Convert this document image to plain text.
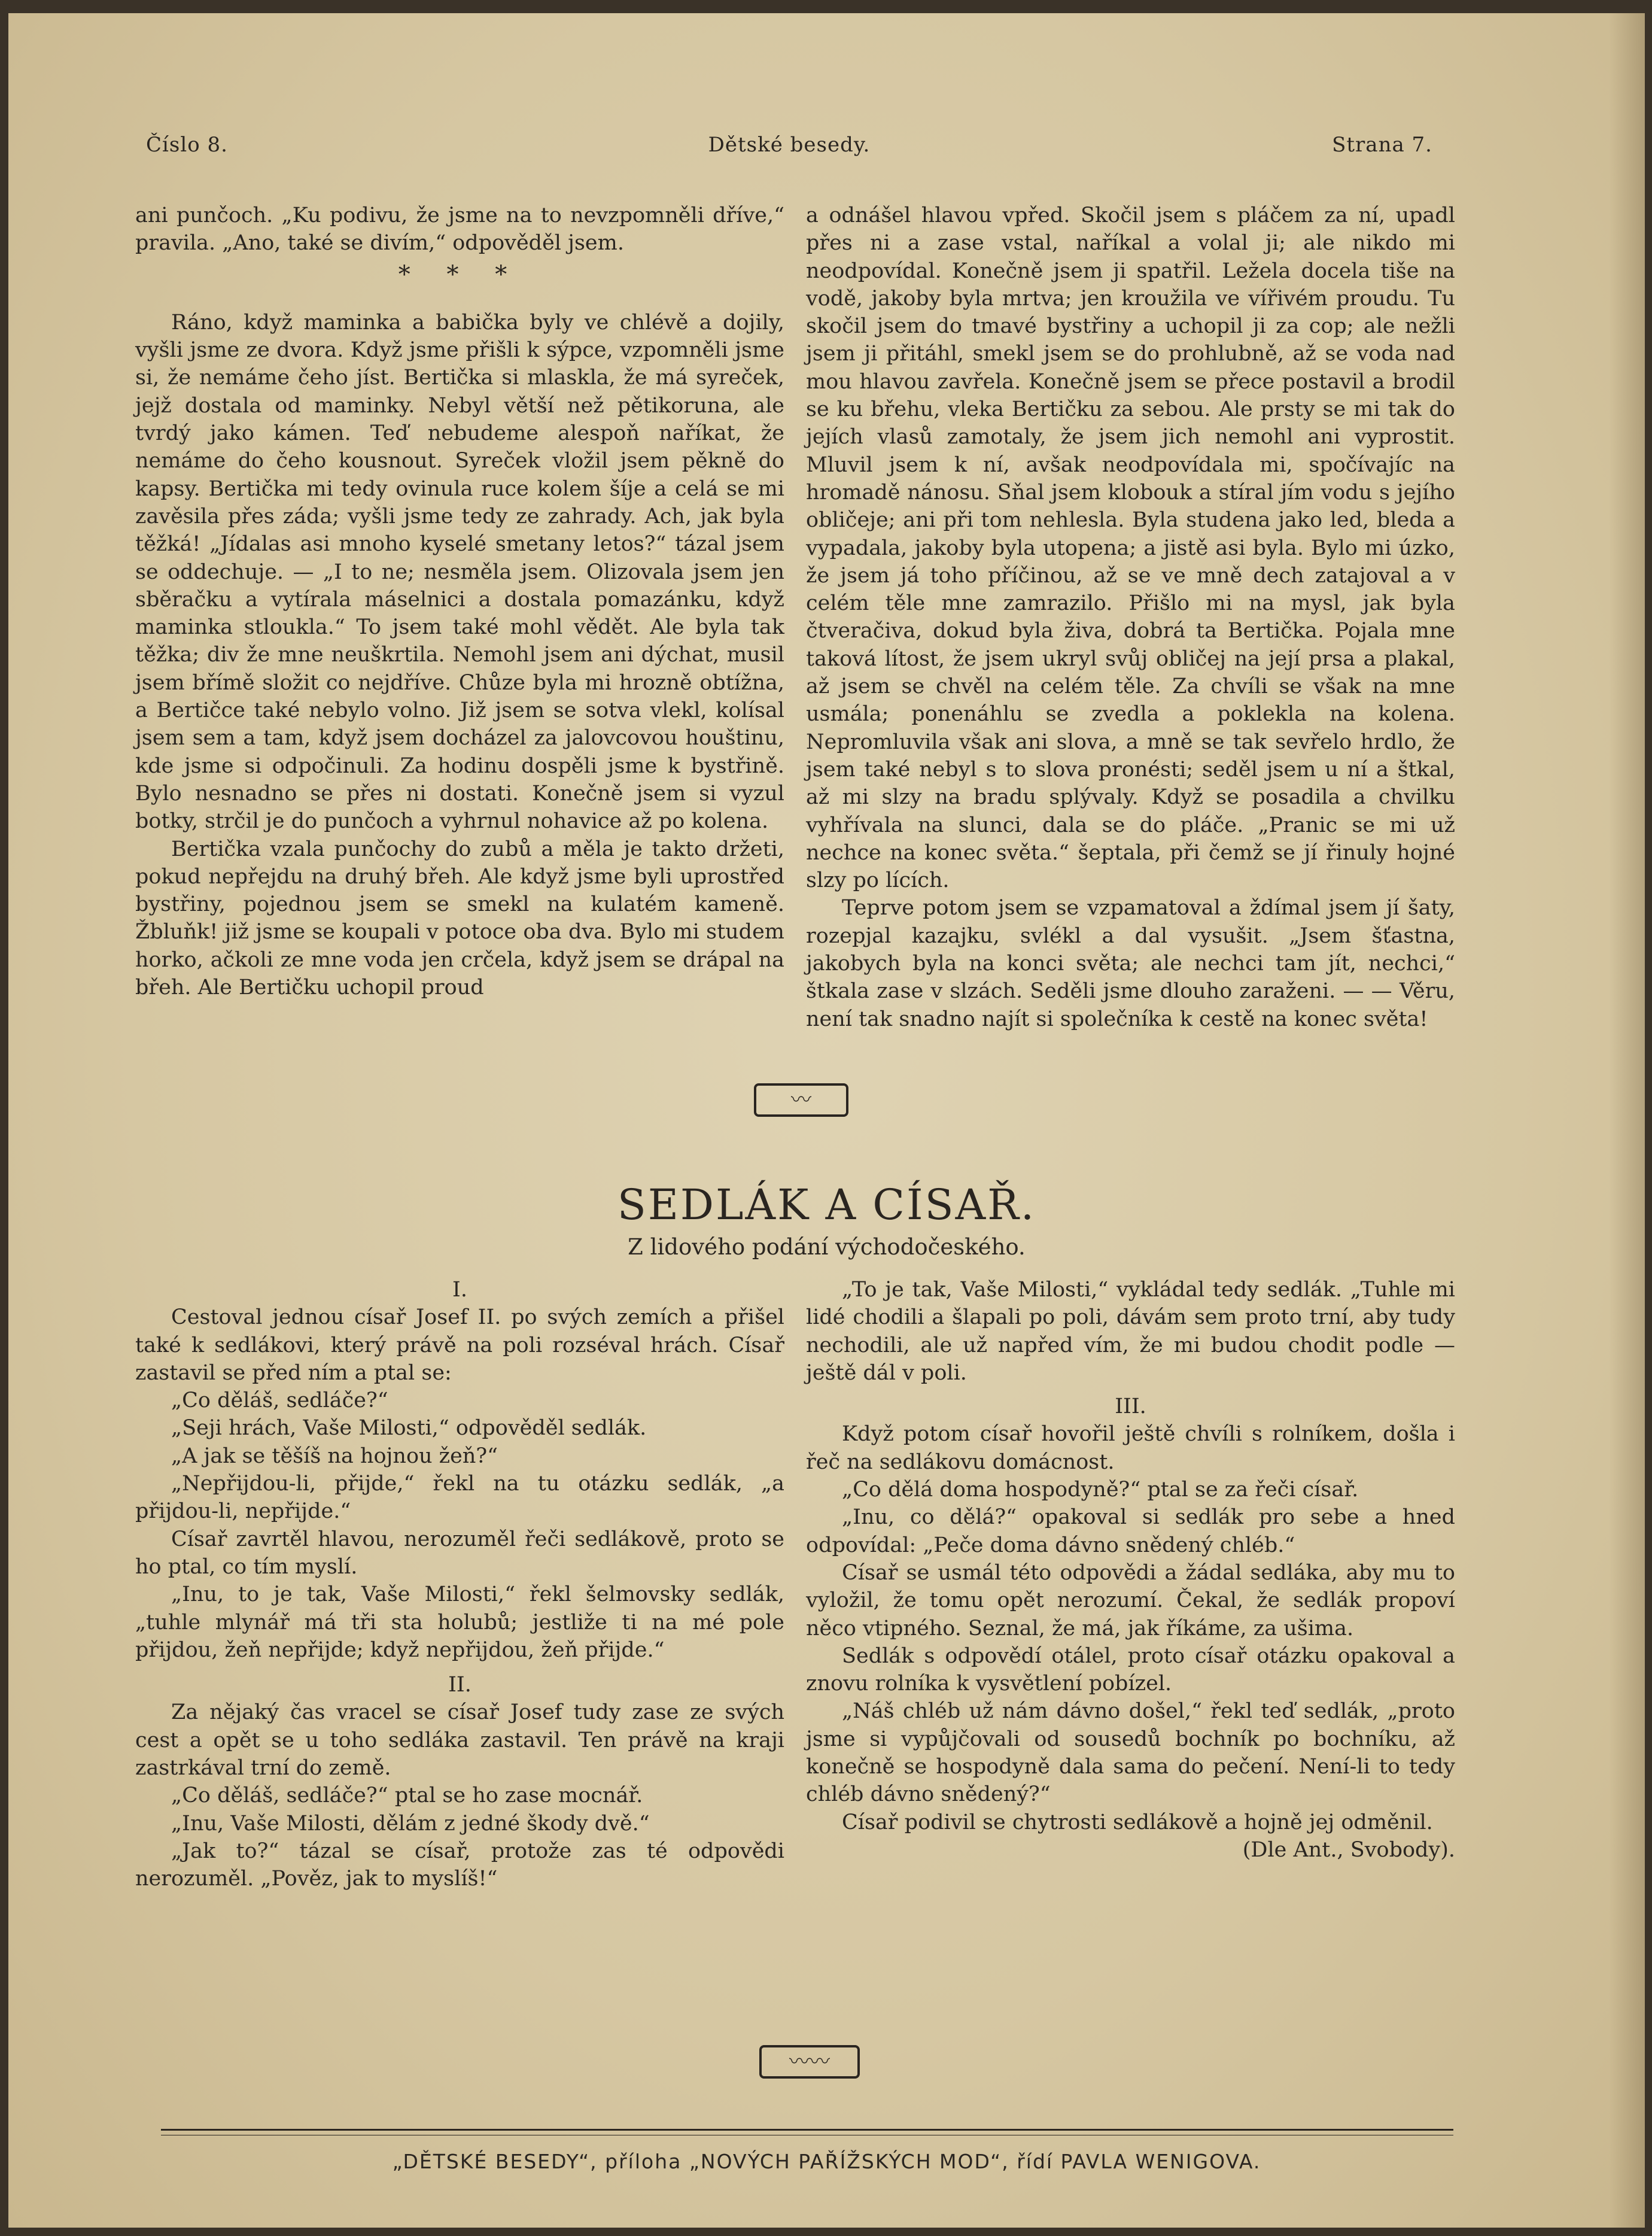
Číslo 8.	Dětské besedy.	Strana 7.

ani punčoch. „Ku podivu, že jsme na to nevzpomněli dříve,“ pravila. „Ano, také se divím,“ odpověděl jsem.

* * *

Ráno, když maminka a babička byly ve chlévě a dojily, vyšli jsme ze dvora. Když jsme přišli k sýpce, vzpomněli jsme si, že nemáme čeho jíst. Bertička si mlaskla, že má syreček, jejž dostala od maminky. Nebyl větší než pětikoruna, ale tvrdý jako kámen. Teď nebudeme alespoň naříkat, že nemáme do čeho kousnout. Syreček vložil jsem pěkně do kapsy. Bertička mi tedy ovinula ruce kolem šíje a celá se mi zavěsila přes záda; vyšli jsme tedy ze zahrady. Ach, jak byla těžká! „Jídalas asi mnoho kyselé smetany letos?“ tázal jsem se oddechuje. — „I to ne; nesměla jsem. Olizovala jsem jen sběračku a vytírala máselnici a dostala pomazánku, když maminka stloukla.“ To jsem také mohl vědět. Ale byla tak těžka; div že mne neuškrtila. Nemohl jsem ani dýchat, musil jsem břímě složit co nejdříve. Chůze byla mi hrozně obtížna, a Bertičce také nebylo volno. Již jsem se sotva vlekl, kolísal jsem sem a tam, když jsem docházel za jalovcovou houštinu, kde jsme si odpočinuli. Za hodinu dospěli jsme k bystřině. Bylo nesnadno se přes ni dostati. Konečně jsem si vyzul botky, strčil je do punčoch a vyhrnul nohavice až po kolena.

Bertička vzala punčochy do zubů a měla je takto držeti, pokud nepřejdu na druhý břeh. Ale když jsme byli uprostřed bystřiny, pojednou jsem se smekl na kulatém kameně. Žbluňk! již jsme se koupali v potoce oba dva. Bylo mi studem horko, ačkoli ze mne voda jen crčela, když jsem se drápal na břeh. Ale Bertičku uchopil proud

a odnášel hlavou vpřed. Skočil jsem s pláčem za ní, upadl přes ni a zase vstal, naříkal a volal ji; ale nikdo mi neodpovídal. Konečně jsem ji spatřil. Ležela docela tiše na vodě, jakoby byla mrtva; jen kroužila ve vířivém proudu. Tu skočil jsem do tmavé bystřiny a uchopil ji za cop; ale nežli jsem ji přitáhl, smekl jsem se do prohlubně, až se voda nad mou hlavou zavřela. Konečně jsem se přece postavil a brodil se ku břehu, vleka Bertičku za sebou. Ale prsty se mi tak do jejích vlasů zamotaly, že jsem jich nemohl ani vyprostit. Mluvil jsem k ní, avšak neodpovídala mi, spočívajíc na hromadě nánosu. Sňal jsem klobouk a stíral jím vodu s jejího obličeje; ani při tom nehlesla. Byla studena jako led, bleda a vypadala, jakoby byla utopena; a jistě asi byla. Bylo mi úzko, že jsem já toho příčinou, až se ve mně dech zatajoval a v celém těle mne zamrazilo. Přišlo mi na mysl, jak byla čtveračiva, dokud byla živa, dobrá ta Bertička. Pojala mne taková lítost, že jsem ukryl svůj obličej na její prsa a plakal, až jsem se chvěl na celém těle. Za chvíli se však na mne usmála; ponenáhlu se zvedla a poklekla na kolena. Nepromluvila však ani slova, a mně se tak sevřelo hrdlo, že jsem také nebyl s to slova pronésti; seděl jsem u ní a štkal, až mi slzy na bradu splývaly. Když se posadila a chvilku vyhřívala na slunci, dala se do pláče. „Pranic se mi už nechce na konec světa.“ šeptala, při čemž se jí řinuly hojné slzy po lících.

Teprve potom jsem se vzpamatoval a ždímal jsem jí šaty, rozepjal kazajku, svlékl a dal vysušit. „Jsem šťastna, jakobych byla na konci světa; ale nechci tam jít, nechci,“ štkala zase v slzách. Seděli jsme dlouho zaraženi. — — Věru, není tak snadno najít si společníka k cestě na konec světa!

〰
SEDLÁK A CÍSAŘ.
Z lidového podání východočeského.

I.

Cestoval jednou císař Josef II. po svých zemích a přišel také k sedlákovi, který právě na poli rozséval hrách. Císař zastavil se před ním a ptal se:

„Co děláš, sedláče?“

„Seji hrách, Vaše Milosti,“ odpověděl sedlák.

„A jak se těšíš na hojnou žeň?“

„Nepřijdou-li, přijde,“ řekl na tu otázku sedlák, „a přijdou-li, nepřijde.“

Císař zavrtěl hlavou, nerozuměl řeči sedlákově, proto se ho ptal, co tím myslí.

„Inu, to je tak, Vaše Milosti,“ řekl šelmovsky sedlák, „tuhle mlynář má tři sta holubů; jestliže ti na mé pole přijdou, žeň nepřijde; když nepřijdou, žeň přijde.“

II.

Za nějaký čas vracel se císař Josef tudy zase ze svých cest a opět se u toho sedláka zastavil. Ten právě na kraji zastrkával trní do země.

„Co děláš, sedláče?“ ptal se ho zase mocnář.

„Inu, Vaše Milosti, dělám z jedné škody dvě.“

„Jak to?“ tázal se císař, protože zas té odpovědi nerozuměl. „Pověz, jak to myslíš!“

„To je tak, Vaše Milosti,“ vykládal tedy sedlák. „Tuhle mi lidé chodili a šlapali po poli, dávám sem proto trní, aby tudy nechodili, ale už napřed vím, že mi budou chodit podle — ještě dál v poli.

III.

Když potom císař hovořil ještě chvíli s rolníkem, došla i řeč na sedlákovu domácnost.

„Co dělá doma hospodyně?“ ptal se za řeči císař.

„Inu, co dělá?“ opakoval si sedlák pro sebe a hned odpovídal: „Peče doma dávno snědený chléb.“

Císař se usmál této odpovědi a žádal sedláka, aby mu to vyložil, že tomu opět nerozumí. Čekal, že sedlák propoví něco vtipného. Seznal, že má, jak říkáme, za ušima.

Sedlák s odpovědí otálel, proto císař otázku opakoval a znovu rolníka k vysvětlení pobízel.

„Náš chléb už nám dávno došel,“ řekl teď sedlák, „proto jsme si vypůjčovali od sousedů bochník po bochníku, až konečně se hospodyně dala sama do pečení. Není-li to tedy chléb dávno snědený?“

Císař podivil se chytrosti sedlákově a hojně jej odměnil.

(Dle Ant., Svobody).

〰〰
„DĚTSKÉ BESEDY“, příloha „NOVÝCH PAŘÍŽSKÝCH MOD“, řídí PAVLA WENIGOVA.
